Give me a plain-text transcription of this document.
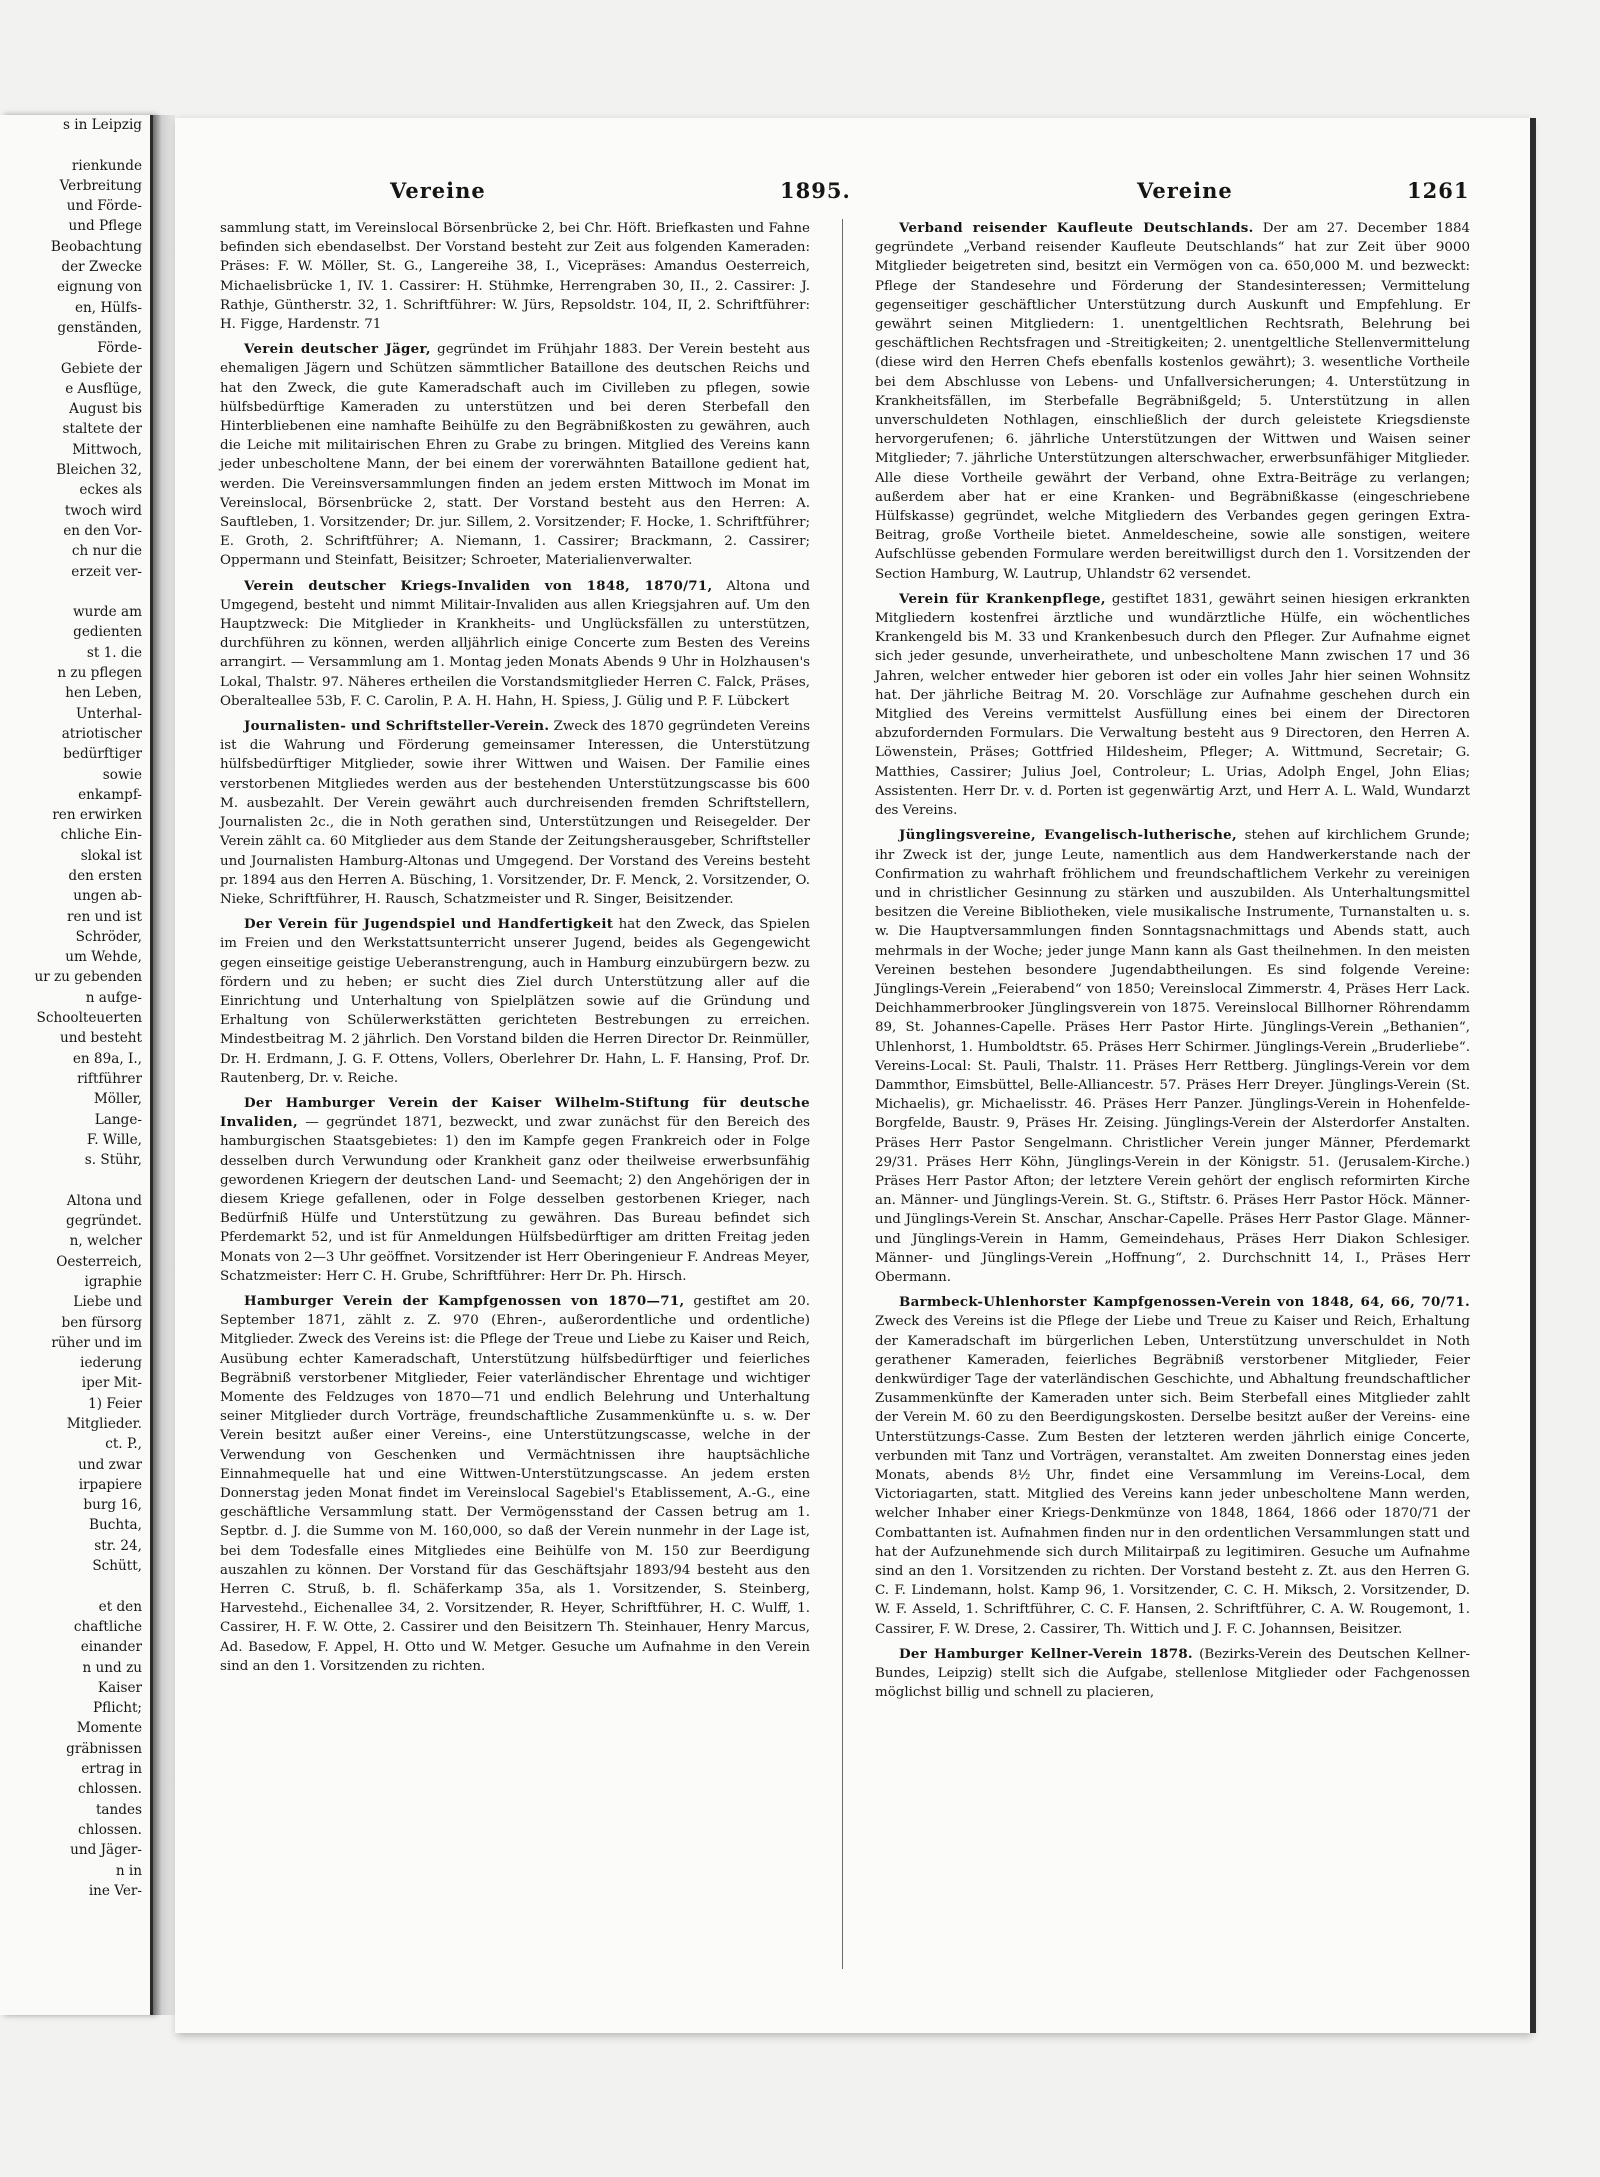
s in Leipzig

rienkunde
Verbreitung
und Förde-
und Pflege
Beobachtung
der Zwecke
eignung von
en, Hülfs-
genständen,
Förde-
Gebiete der
e Ausflüge,
August bis
staltete der
Mittwoch,
Bleichen 32,
eckes als
twoch wird
en den Vor-
ch nur die
erzeit ver-

wurde am
gedienten
st 1. die
n zu pflegen
hen Leben,
Unterhal-
atriotischer
bedürftiger
sowie
enkampf-
ren erwirken
chliche Ein-
slokal ist
den ersten
ungen ab-
ren und ist
Schröder,
um Wehde,
ur zu gebenden
n aufge-
Schoolteuerten
und besteht
en 89a, I.,
riftführer
Möller,
Lange-
F. Wille,
s. Stühr,

Altona und
gegründet.
n, welcher
Oesterreich,
igraphie
Liebe und
ben fürsorg
rüher und im
iederung
iper Mit-
1) Feier
Mitglieder.
ct. P.,
und zwar
irpapiere
burg 16,
Buchta,
str. 24,
Schütt,

et den
chaftliche
einander
n und zu
Kaiser
Pflicht;
Momente
gräbnissen
ertrag in
chlossen.
tandes
chlossen.
und Jäger-
n in
ine Ver-
Vereine	1895.	Vereine	1261

sammlung statt, im Vereinslocal Börsenbrücke 2, bei Chr. Höft. Briefkasten und Fahne befinden sich ebendaselbst. Der Vorstand besteht zur Zeit aus folgenden Kameraden: Präses: F. W. Möller, St. G., Langereihe 38, I., Vicepräses: Amandus Oesterreich, Michaelisbrücke 1, IV. 1. Cassirer: H. Stühmke, Herrengraben 30, II., 2. Cassirer: J. Rathje, Güntherstr. 32, 1. Schriftführer: W. Jürs, Repsoldstr. 104, II, 2. Schriftführer: H. Figge, Hardenstr. 71

Verein deutscher Jäger, gegründet im Frühjahr 1883. Der Verein besteht aus ehemaligen Jägern und Schützen sämmtlicher Bataillone des deutschen Reichs und hat den Zweck, die gute Kameradschaft auch im Civilleben zu pflegen, sowie hülfsbedürftige Kameraden zu unterstützen und bei deren Sterbefall den Hinterbliebenen eine namhafte Beihülfe zu den Begräbnißkosten zu gewähren, auch die Leiche mit militairischen Ehren zu Grabe zu bringen. Mitglied des Vereins kann jeder unbescholtene Mann, der bei einem der vorerwähnten Bataillone gedient hat, werden. Die Vereinsversammlungen finden an jedem ersten Mittwoch im Monat im Vereinslocal, Börsenbrücke 2, statt. Der Vorstand besteht aus den Herren: A. Sauftleben, 1. Vorsitzender; Dr. jur. Sillem, 2. Vorsitzender; F. Hocke, 1. Schriftführer; E. Groth, 2. Schriftführer; A. Niemann, 1. Cassirer; Brackmann, 2. Cassirer; Oppermann und Steinfatt, Beisitzer; Schroeter, Materialienverwalter.

Verein deutscher Kriegs-Invaliden von 1848, 1870/71, Altona und Umgegend, besteht und nimmt Militair-Invaliden aus allen Kriegsjahren auf. Um den Hauptzweck: Die Mitglieder in Krankheits- und Unglücksfällen zu unterstützen, durchführen zu können, werden alljährlich einige Concerte zum Besten des Vereins arrangirt. — Versammlung am 1. Montag jeden Monats Abends 9 Uhr in Holzhausen's Lokal, Thalstr. 97. Näheres ertheilen die Vorstandsmitglieder Herren C. Falck, Präses, Oberalteallee 53b, F. C. Carolin, P. A. H. Hahn, H. Spiess, J. Gülig und P. F. Lübckert

Journalisten- und Schriftsteller-Verein. Zweck des 1870 gegründeten Vereins ist die Wahrung und Förderung gemeinsamer Interessen, die Unterstützung hülfsbedürftiger Mitglieder, sowie ihrer Wittwen und Waisen. Der Familie eines verstorbenen Mitgliedes werden aus der bestehenden Unterstützungscasse bis 600 M. ausbezahlt. Der Verein gewährt auch durchreisenden fremden Schriftstellern, Journalisten 2c., die in Noth gerathen sind, Unterstützungen und Reisegelder. Der Verein zählt ca. 60 Mitglieder aus dem Stande der Zeitungsherausgeber, Schriftsteller und Journalisten Hamburg-Altonas und Umgegend. Der Vorstand des Vereins besteht pr. 1894 aus den Herren A. Büsching, 1. Vorsitzender, Dr. F. Menck, 2. Vorsitzender, O. Nieke, Schriftführer, H. Rausch, Schatzmeister und R. Singer, Beisitzender.

Der Verein für Jugendspiel und Handfertigkeit hat den Zweck, das Spielen im Freien und den Werkstattsunterricht unserer Jugend, beides als Gegengewicht gegen einseitige geistige Ueberanstrengung, auch in Hamburg einzubürgern bezw. zu fördern und zu heben; er sucht dies Ziel durch Unterstützung aller auf die Einrichtung und Unterhaltung von Spielplätzen sowie auf die Gründung und Erhaltung von Schülerwerkstätten gerichteten Bestrebungen zu erreichen. Mindestbeitrag M. 2 jährlich. Den Vorstand bilden die Herren Director Dr. Reinmüller, Dr. H. Erdmann, J. G. F. Ottens, Vollers, Oberlehrer Dr. Hahn, L. F. Hansing, Prof. Dr. Rautenberg, Dr. v. Reiche.

Der Hamburger Verein der Kaiser Wilhelm-Stiftung für deutsche Invaliden, — gegründet 1871, bezweckt, und zwar zunächst für den Bereich des hamburgischen Staatsgebietes: 1) den im Kampfe gegen Frankreich oder in Folge desselben durch Verwundung oder Krankheit ganz oder theilweise erwerbsunfähig gewordenen Kriegern der deutschen Land- und Seemacht; 2) den Angehörigen der in diesem Kriege gefallenen, oder in Folge desselben gestorbenen Krieger, nach Bedürfniß Hülfe und Unterstützung zu gewähren. Das Bureau befindet sich Pferdemarkt 52, und ist für Anmeldungen Hülfsbedürftiger am dritten Freitag jeden Monats von 2—3 Uhr geöffnet. Vorsitzender ist Herr Oberingenieur F. Andreas Meyer, Schatzmeister: Herr C. H. Grube, Schriftführer: Herr Dr. Ph. Hirsch.

Hamburger Verein der Kampfgenossen von 1870—71, gestiftet am 20. September 1871, zählt z. Z. 970 (Ehren-, außerordentliche und ordentliche) Mitglieder. Zweck des Vereins ist: die Pflege der Treue und Liebe zu Kaiser und Reich, Ausübung echter Kameradschaft, Unterstützung hülfsbedürftiger und feierliches Begräbniß verstorbener Mitglieder, Feier vaterländischer Ehrentage und wichtiger Momente des Feldzuges von 1870—71 und endlich Belehrung und Unterhaltung seiner Mitglieder durch Vorträge, freundschaftliche Zusammenkünfte u. s. w. Der Verein besitzt außer einer Vereins-, eine Unterstützungscasse, welche in der Verwendung von Geschenken und Vermächtnissen ihre hauptsächliche Einnahmequelle hat und eine Wittwen-Unterstützungscasse. An jedem ersten Donnerstag jeden Monat findet im Vereinslocal Sagebiel's Etablissement, A.-G., eine geschäftliche Versammlung statt. Der Vermögensstand der Cassen betrug am 1. Septbr. d. J. die Summe von M. 160,000, so daß der Verein nunmehr in der Lage ist, bei dem Todesfalle eines Mitgliedes eine Beihülfe von M. 150 zur Beerdigung auszahlen zu können. Der Vorstand für das Geschäftsjahr 1893/94 besteht aus den Herren C. Struß, b. fl. Schäferkamp 35a, als 1. Vorsitzender, S. Steinberg, Harvestehd., Eichenallee 34, 2. Vorsitzender, R. Heyer, Schriftführer, H. C. Wulff, 1. Cassirer, H. F. W. Otte, 2. Cassirer und den Beisitzern Th. Steinhauer, Henry Marcus, Ad. Basedow, F. Appel, H. Otto und W. Metger. Gesuche um Aufnahme in den Verein sind an den 1. Vorsitzenden zu richten.

Verband reisender Kaufleute Deutschlands. Der am 27. December 1884 gegründete „Verband reisender Kaufleute Deutschlands“ hat zur Zeit über 9000 Mitglieder beigetreten sind, besitzt ein Vermögen von ca. 650,000 M. und bezweckt: Pflege der Standesehre und Förderung der Standesinteressen; Vermittelung gegenseitiger geschäftlicher Unterstützung durch Auskunft und Empfehlung. Er gewährt seinen Mitgliedern: 1. unentgeltlichen Rechtsrath, Belehrung bei geschäftlichen Rechtsfragen und -Streitigkeiten; 2. unentgeltliche Stellenvermittelung (diese wird den Herren Chefs ebenfalls kostenlos gewährt); 3. wesentliche Vortheile bei dem Abschlusse von Lebens- und Unfallversicherungen; 4. Unterstützung in Krankheitsfällen, im Sterbefalle Begräbnißgeld; 5. Unterstützung in allen unverschuldeten Nothlagen, einschließlich der durch geleistete Kriegsdienste hervorgerufenen; 6. jährliche Unterstützungen der Wittwen und Waisen seiner Mitglieder; 7. jährliche Unterstützungen alterschwacher, erwerbsunfähiger Mitglieder. Alle diese Vortheile gewährt der Verband, ohne Extra-Beiträge zu verlangen; außerdem aber hat er eine Kranken- und Begräbnißkasse (eingeschriebene Hülfskasse) gegründet, welche Mitgliedern des Verbandes gegen geringen Extra-Beitrag, große Vortheile bietet. Anmeldescheine, sowie alle sonstigen, weitere Aufschlüsse gebenden Formulare werden bereitwilligst durch den 1. Vorsitzenden der Section Hamburg, W. Lautrup, Uhlandstr 62 versendet.

Verein für Krankenpflege, gestiftet 1831, gewährt seinen hiesigen erkrankten Mitgliedern kostenfrei ärztliche und wundärztliche Hülfe, ein wöchentliches Krankengeld bis M. 33 und Krankenbesuch durch den Pfleger. Zur Aufnahme eignet sich jeder gesunde, unverheirathete, und unbescholtene Mann zwischen 17 und 36 Jahren, welcher entweder hier geboren ist oder ein volles Jahr hier seinen Wohnsitz hat. Der jährliche Beitrag M. 20. Vorschläge zur Aufnahme geschehen durch ein Mitglied des Vereins vermittelst Ausfüllung eines bei einem der Directoren abzufordernden Formulars. Die Verwaltung besteht aus 9 Directoren, den Herren A. Löwenstein, Präses; Gottfried Hildesheim, Pfleger; A. Wittmund, Secretair; G. Matthies, Cassirer; Julius Joel, Controleur; L. Urias, Adolph Engel, John Elias; Assistenten. Herr Dr. v. d. Porten ist gegenwärtig Arzt, und Herr A. L. Wald, Wundarzt des Vereins.

Jünglingsvereine, Evangelisch-lutherische, stehen auf kirchlichem Grunde; ihr Zweck ist der, junge Leute, namentlich aus dem Handwerkerstande nach der Confirmation zu wahrhaft fröhlichem und freundschaftlichem Verkehr zu vereinigen und in christlicher Gesinnung zu stärken und auszubilden. Als Unterhaltungsmittel besitzen die Vereine Bibliotheken, viele musikalische Instrumente, Turnanstalten u. s. w. Die Hauptversammlungen finden Sonntagsnachmittags und Abends statt, auch mehrmals in der Woche; jeder junge Mann kann als Gast theilnehmen. In den meisten Vereinen bestehen besondere Jugendabtheilungen. Es sind folgende Vereine: Jünglings-Verein „Feierabend“ von 1850; Vereinslocal Zimmerstr. 4, Präses Herr Lack. Deichhammerbrooker Jünglingsverein von 1875. Vereinslocal Billhorner Röhrendamm 89, St. Johannes-Capelle. Präses Herr Pastor Hirte. Jünglings-Verein „Bethanien“, Uhlenhorst, 1. Humboldtstr. 65. Präses Herr Schirmer. Jünglings-Verein „Bruderliebe“. Vereins-Local: St. Pauli, Thalstr. 11. Präses Herr Rettberg. Jünglings-Verein vor dem Dammthor, Eimsbüttel, Belle-Alliancestr. 57. Präses Herr Dreyer. Jünglings-Verein (St. Michaelis), gr. Michaelisstr. 46. Präses Herr Panzer. Jünglings-Verein in Hohenfelde-Borgfelde, Baustr. 9, Präses Hr. Zeising. Jünglings-Verein der Alsterdorfer Anstalten. Präses Herr Pastor Sengelmann. Christlicher Verein junger Männer, Pferdemarkt 29/31. Präses Herr Köhn, Jünglings-Verein in der Königstr. 51. (Jerusalem-Kirche.) Präses Herr Pastor Afton; der letztere Verein gehört der englisch reformirten Kirche an. Männer- und Jünglings-Verein. St. G., Stiftstr. 6. Präses Herr Pastor Höck. Männer- und Jünglings-Verein St. Anschar, Anschar-Capelle. Präses Herr Pastor Glage. Männer- und Jünglings-Verein in Hamm, Gemeindehaus, Präses Herr Diakon Schlesiger. Männer- und Jünglings-Verein „Hoffnung“, 2. Durchschnitt 14, I., Präses Herr Obermann.

Barmbeck-Uhlenhorster Kampfgenossen-Verein von 1848, 64, 66, 70/71. Zweck des Vereins ist die Pflege der Liebe und Treue zu Kaiser und Reich, Erhaltung der Kameradschaft im bürgerlichen Leben, Unterstützung unverschuldet in Noth gerathener Kameraden, feierliches Begräbniß verstorbener Mitglieder, Feier denkwürdiger Tage der vaterländischen Geschichte, und Abhaltung freundschaftlicher Zusammenkünfte der Kameraden unter sich. Beim Sterbefall eines Mitglieder zahlt der Verein M. 60 zu den Beerdigungskosten. Derselbe besitzt außer der Vereins- eine Unterstützungs-Casse. Zum Besten der letzteren werden jährlich einige Concerte, verbunden mit Tanz und Vorträgen, veranstaltet. Am zweiten Donnerstag eines jeden Monats, abends 8½ Uhr, findet eine Versammlung im Vereins-Local, dem Victoriagarten, statt. Mitglied des Vereins kann jeder unbescholtene Mann werden, welcher Inhaber einer Kriegs-Denkmünze von 1848, 1864, 1866 oder 1870/71 der Combattanten ist. Aufnahmen finden nur in den ordentlichen Versammlungen statt und hat der Aufzunehmende sich durch Militairpaß zu legitimiren. Gesuche um Aufnahme sind an den 1. Vorsitzenden zu richten. Der Vorstand besteht z. Zt. aus den Herren G. C. F. Lindemann, holst. Kamp 96, 1. Vorsitzender, C. C. H. Miksch, 2. Vorsitzender, D. W. F. Asseld, 1. Schriftführer, C. C. F. Hansen, 2. Schriftführer, C. A. W. Rougemont, 1. Cassirer, F. W. Drese, 2. Cassirer, Th. Wittich und J. F. C. Johannsen, Beisitzer.

Der Hamburger Kellner-Verein 1878. (Bezirks-Verein des Deutschen Kellner-Bundes, Leipzig) stellt sich die Aufgabe, stellenlose Mitglieder oder Fachgenossen möglichst billig und schnell zu placieren,
